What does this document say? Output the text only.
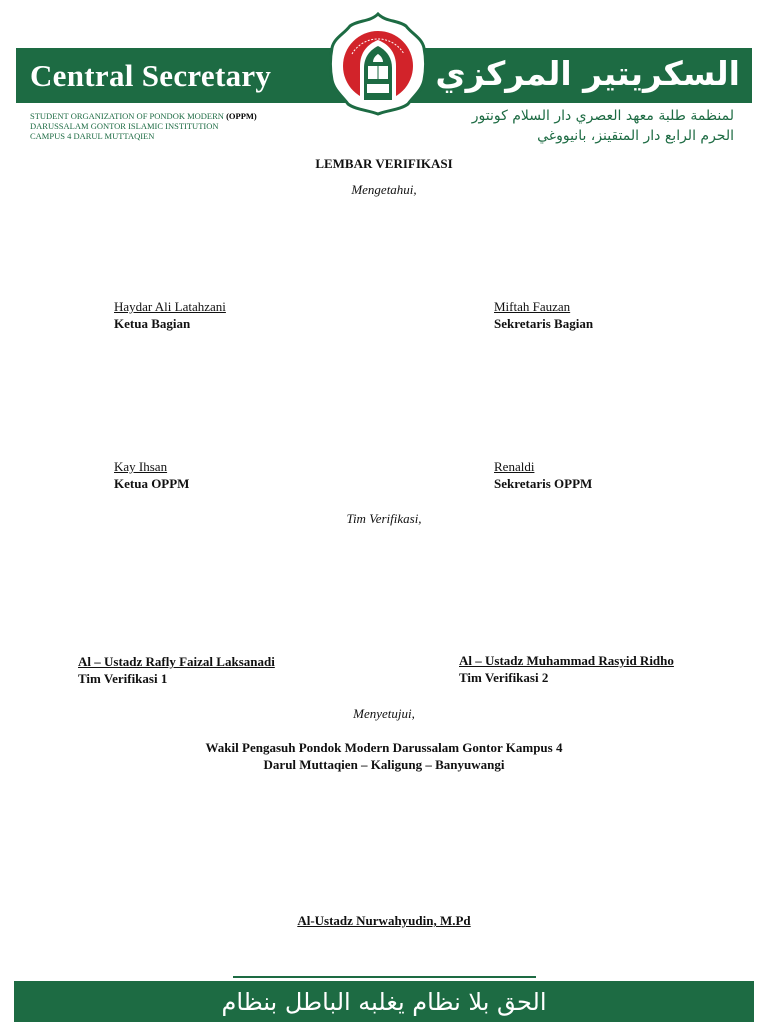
Central Secretary	السكريتير المركزي
STUDENT ORGANIZATION OF PONDOK MODERN (OPPM)
DARUSSALAM GONTOR ISLAMIC INSTITUTION
CAMPUS 4 DARUL MUTTAQIEN
لمنظمة طلبة معهد العصري دار السلام كونتور
الحرم الرابع دار المتقينز، بانيووغي
LEMBAR VERIFIKASI
Mengetahui,
Haydar Ali Latahzani
Ketua Bagian
Miftah Fauzan
Sekretaris Bagian
Kay Ihsan
Ketua OPPM
Renaldi
Sekretaris OPPM
Tim Verifikasi,
Al – Ustadz Rafly Faizal Laksanadi
Tim Verifikasi 1
Al – Ustadz Muhammad Rasyid Ridho
Tim Verifikasi 2
Menyetujui,
Wakil Pengasuh Pondok Modern Darussalam Gontor Kampus 4
Darul Muttaqien – Kaligung – Banyuwangi
Al-Ustadz Nurwahyudin, M.Pd
الحق بلا نظام يغلبه الباطل بنظام
